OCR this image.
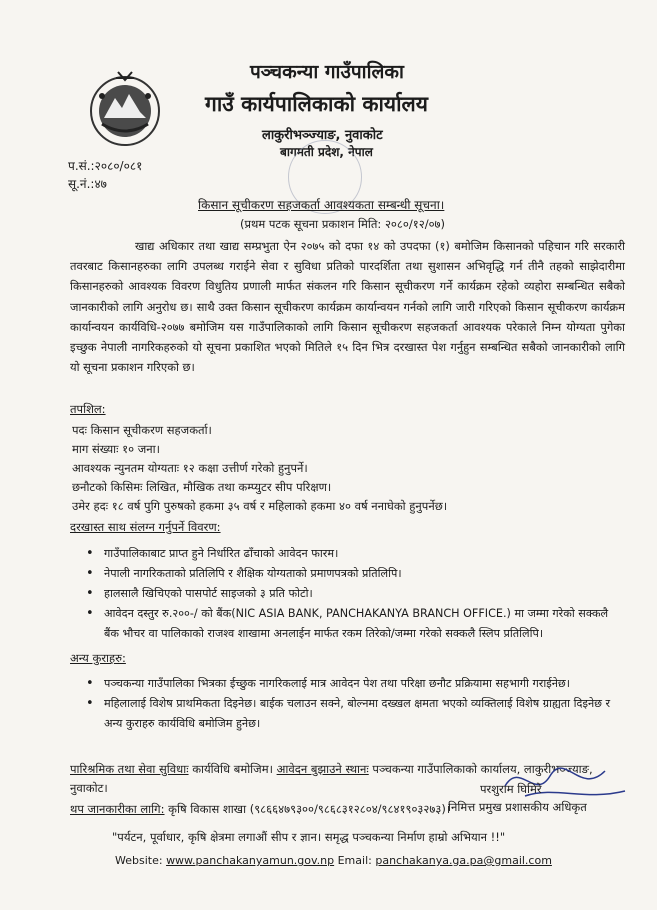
पञ्चकन्या गाउँपालिका
गाउँ कार्यपालिकाको कार्यालय
लाकुरीभञ्ज्याङ, नुवाकोट
बागमती प्रदेश, नेपाल
प.सं.:२०८०/०८१
सू.नं.:४७
किसान सूचीकरण सहजकर्ता आवश्यकता सम्बन्धी सूचना।
(प्रथम पटक सूचना प्रकाशन मिति: २०८०/१२/०७)
खाद्य अधिकार तथा खाद्य सम्प्रभुता ऐन २०७५ को दफा १४ को उपदफा (१) बमोजिम किसानको पहिचान गरि सरकारी तवरबाट किसानहरुका लागि उपलब्ध गराईने सेवा र सुविधा प्रतिको पारदर्शिता तथा सुशासन अभिवृद्धि गर्न तीनै तहको साझेदारीमा किसानहरुको आवश्यक विवरण विधुतिय प्रणाली मार्फत संकलन गरि किसान सूचीकरण गर्ने कार्यक्रम रहेको व्यहोरा सम्बन्धित सबैको जानकारीको लागि अनुरोध छ। साथै उक्त किसान सूचीकरण कार्यक्रम कार्यान्वयन गर्नको लागि जारी गरिएको किसान सूचीकरण कार्यक्रम कार्यान्वयन कार्यविधि-२०७७ बमोजिम यस गाउँपालिकाको लागि किसान सूचीकरण सहजकर्ता आवश्यक परेकाले निम्न योग्यता पुगेका इच्छुक नेपाली नागरिकहरुको यो सूचना प्रकाशित भएको मितिले १५ दिन भित्र दरखास्त पेश गर्नुहुन सम्बन्धित सबैको जानकारीको लागि यो सूचना प्रकाशन गरिएको छ।
तपशिल:
पदः किसान सूचीकरण सहजकर्ता।
माग संख्याः १० जना।
आवश्यक न्युनतम योग्यताः १२ कक्षा उत्तीर्ण गरेको हुनुपर्ने।
छनौटको किसिमः लिखित, मौखिक तथा कम्प्युटर सीप परिक्षण।
उमेर हदः १८ वर्ष पुगि पुरुषको हकमा ३५ वर्ष र महिलाको हकमा ४० वर्ष ननाघेको हुनुपर्नेछ।
दरखास्त साथ संलग्न गर्नुपर्ने विवरण:
• गाउँपालिकाबाट प्राप्त हुने निर्धारित ढाँचाको आवेदन फारम।
• नेपाली नागरिकताको प्रतिलिपि र शैक्षिक योग्यताको प्रमाणपत्रको प्रतिलिपि।
• हालसालै खिचिएको पासपोर्ट साइजको ३ प्रति फोटो।
• आवेदन दस्तुर रु.२००-/ को बैंक(NIC ASIA BANK, PANCHAKANYA BRANCH OFFICE.) मा जम्मा गरेको सक्कलै बैंक भौचर वा पालिकाको राजश्व शाखामा अनलाईन मार्फत रकम तिरेको/जम्मा गरेको सक्कलै स्लिप प्रतिलिपि।
अन्य कुराहरु:
• पञ्चकन्या गाउँपालिका भित्रका ईच्छुक नागरिकलाई मात्र आवेदन पेश तथा परिक्षा छनौट प्रक्रियामा सहभागी गराईनेछ।
• महिलालाई विशेष प्राथमिकता दिइनेछ। बाईक चलाउन सक्ने, बोल्नमा दख्खल क्षमता भएको व्यक्तिलाई विशेष ग्राह्यता दिइनेछ र अन्य कुराहरु कार्यविधि बमोजिम हुनेछ।
पारिश्रमिक तथा सेवा सुविधाः कार्यविधि बमोजिम। आवेदन बुझाउने स्थानः पञ्चकन्या गाउँपालिकाको कार्यालय, लाकुरीभञ्ज्याङ,
नुवाकोट।
थप जानकारीका लागि: कृषि विकास शाखा (९८६६४७९३००/९८६८३१२८०४/९८४१९०३२७३)।
परशुराम घिमिरे
निमित्त प्रमुख प्रशासकीय अधिकृत
"पर्यटन, पूर्वाधार, कृषि क्षेत्रमा लगाऔं सीप र ज्ञान। समृद्ध पञ्चकन्या निर्माण हाम्रो अभियान !!"
Website: www.panchakanyamun.gov.np Email: panchakanya.ga.pa@gmail.com
